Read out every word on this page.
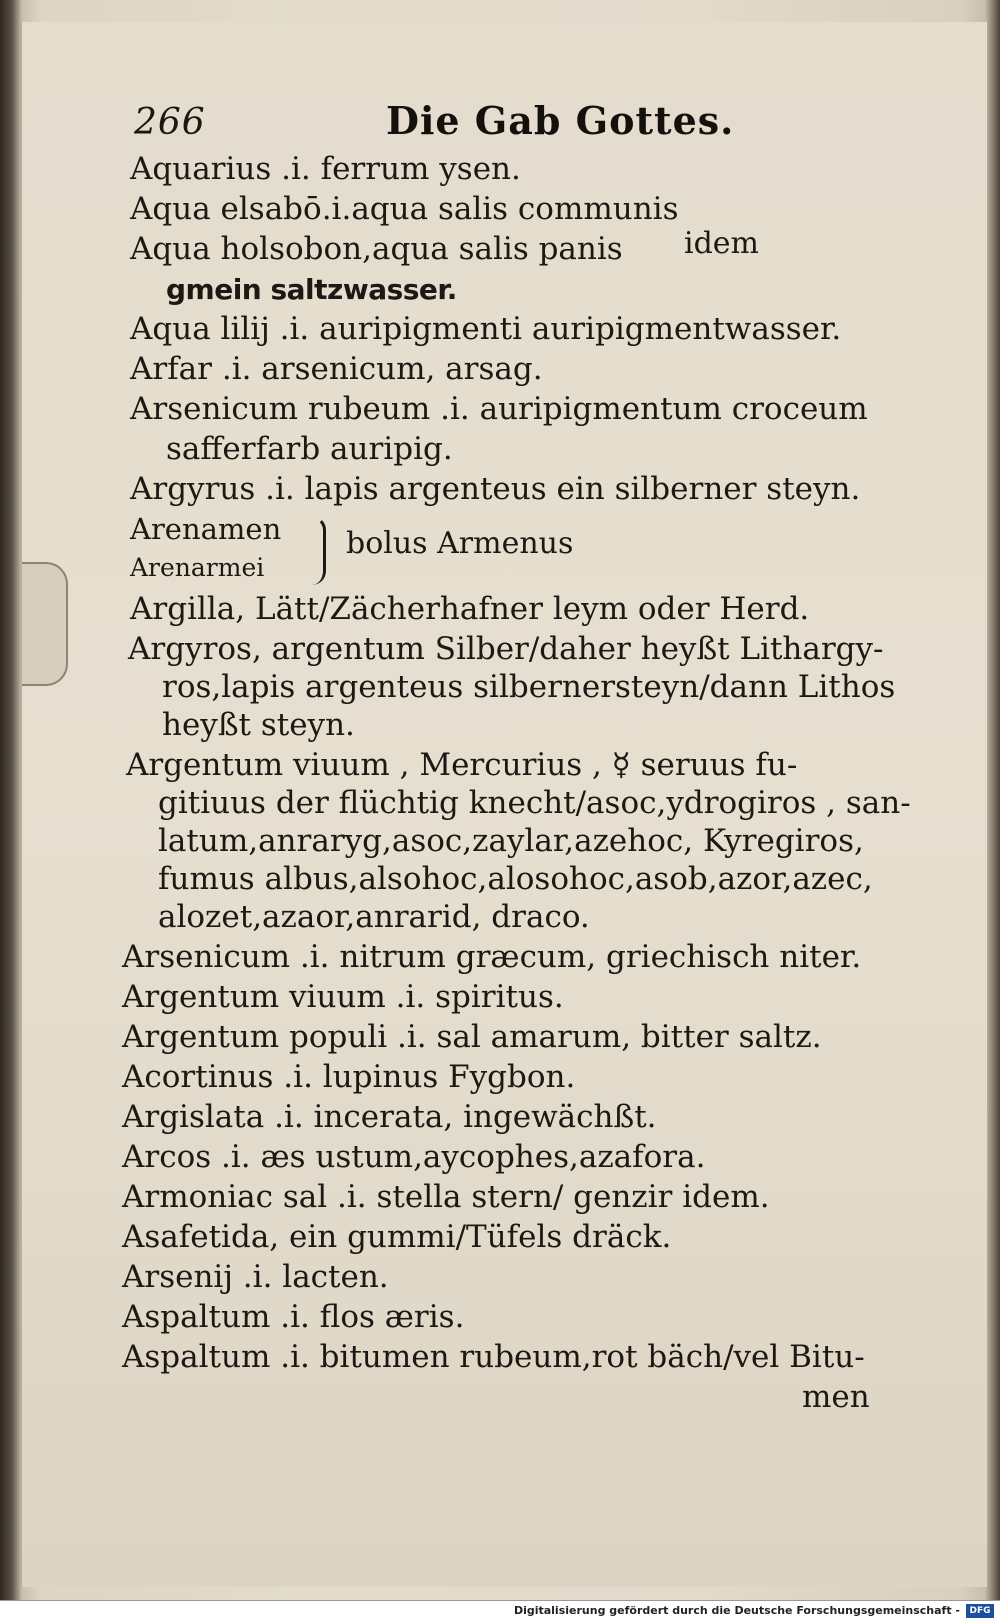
266	Die Gab Gottes.
Aquarius .i. ferrum ysen.
Aqua elsabō.i.aqua salis communis
Aqua holsobon,aqua salis panis idem
gmein saltzwasser.
Aqua lilij .i. auripigmenti auripigmentwasser.
Arfar .i. arsenicum, arsag.
Arsenicum rubeum .i. auripigmentum croceum
safferfarb auripig.
Argyrus .i. lapis argenteus ein silberner steyn.
Arenamen
Arenarmei
bolus Armenus
Argilla, Lätt/Zächerhafner leym oder Herd.
Argyros, argentum Silber/daher heyßt Lithargy-
ros,lapis argenteus silbernersteyn/dann Lithos
heyßt steyn.
Argentum viuum , Mercurius , ☿ seruus fu-
gitiuus der flüchtig knecht/asoc,ydrogiros , san-
latum,anraryg,asoc,zaylar,azehoc, Kyregiros,
fumus albus,alsohoc,alosohoc,asob,azor,azec,
alozet,azaor,anrarid, draco.
Arsenicum .i. nitrum græcum, griechisch niter.
Argentum viuum .i. spiritus.
Argentum populi .i. sal amarum, bitter saltz.
Acortinus .i. lupinus Fygbon.
Argislata .i. incerata, ingewächßt.
Arcos .i. æs ustum,aycophes,azafora.
Armoniac sal .i. stella stern/ genzir idem.
Asafetida, ein gummi/Tüfels dräck.
Arsenij .i. lacten.
Aspaltum .i. flos æris.
Aspaltum .i. bitumen rubeum,rot bäch/vel Bitu-
men
Digitalisierung gefördert durch die Deutsche Forschungsgemeinschaft -	DFG
